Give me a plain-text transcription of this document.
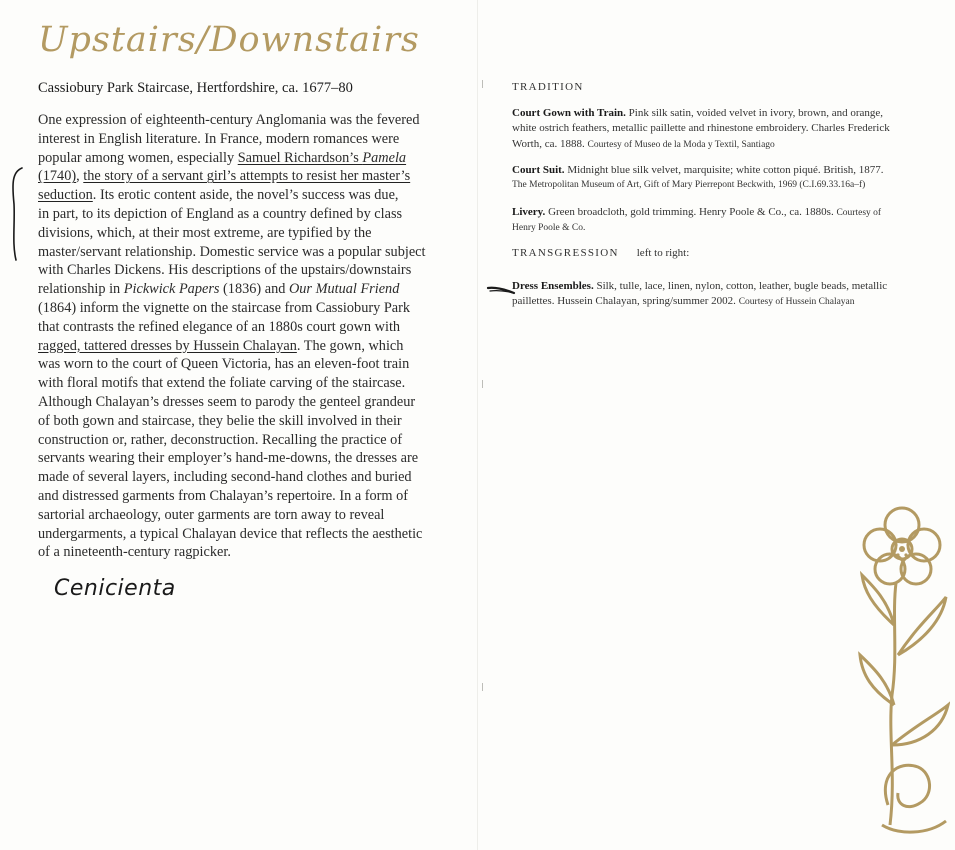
Upstairs/Downstairs
Cassiobury Park Staircase, Hertfordshire, ca. 1677–80
One expression of eighteenth-century Anglomania was the fevered
interest in English literature. In France, modern romances were
popular among women, especially Samuel Richardson’s Pamela
(1740), the story of a servant girl’s attempts to resist her master’s
seduction. Its erotic content aside, the novel’s success was due,
in part, to its depiction of England as a country defined by class
divisions, which, at their most extreme, are typified by the
master/servant relationship. Domestic service was a popular subject
with Charles Dickens. His descriptions of the upstairs/downstairs
relationship in Pickwick Papers (1836) and Our Mutual Friend
(1864) inform the vignette on the staircase from Cassiobury Park
that contrasts the refined elegance of an 1880s court gown with
ragged, tattered dresses by Hussein Chalayan. The gown, which
was worn to the court of Queen Victoria, has an eleven-foot train
with floral motifs that extend the foliate carving of the staircase.
Although Chalayan’s dresses seem to parody the genteel grandeur
of both gown and staircase, they belie the skill involved in their
construction or, rather, deconstruction. Recalling the practice of
servants wearing their employer’s hand-me-downs, the dresses are
made of several layers, including second-hand clothes and buried
and distressed garments from Chalayan’s repertoire. In a form of
sartorial archaeology, outer garments are torn away to reveal
undergarments, a typical Chalayan device that reflects the aesthetic
of a nineteenth-century ragpicker.
Cenicienta
TRADITION
Court Gown with Train. Pink silk satin, voided velvet in ivory, brown, and orange,
white ostrich feathers, metallic paillette and rhinestone embroidery. Charles Frederick
Worth, ca. 1888. Courtesy of Museo de la Moda y Textil, Santiago
Court Suit. Midnight blue silk velvet, marquisite; white cotton piqué. British, 1877.
The Metropolitan Museum of Art, Gift of Mary Pierrepont Beckwith, 1969 (C.I.69.33.16a–f)
Livery. Green broadcloth, gold trimming. Henry Poole & Co., ca. 1880s. Courtesy of
Henry Poole & Co.
TRANSGRESSION left to right:
Dress Ensembles. Silk, tulle, lace, linen, nylon, cotton, leather, bugle beads, metallic
paillettes. Hussein Chalayan, spring/summer 2002. Courtesy of Hussein Chalayan
